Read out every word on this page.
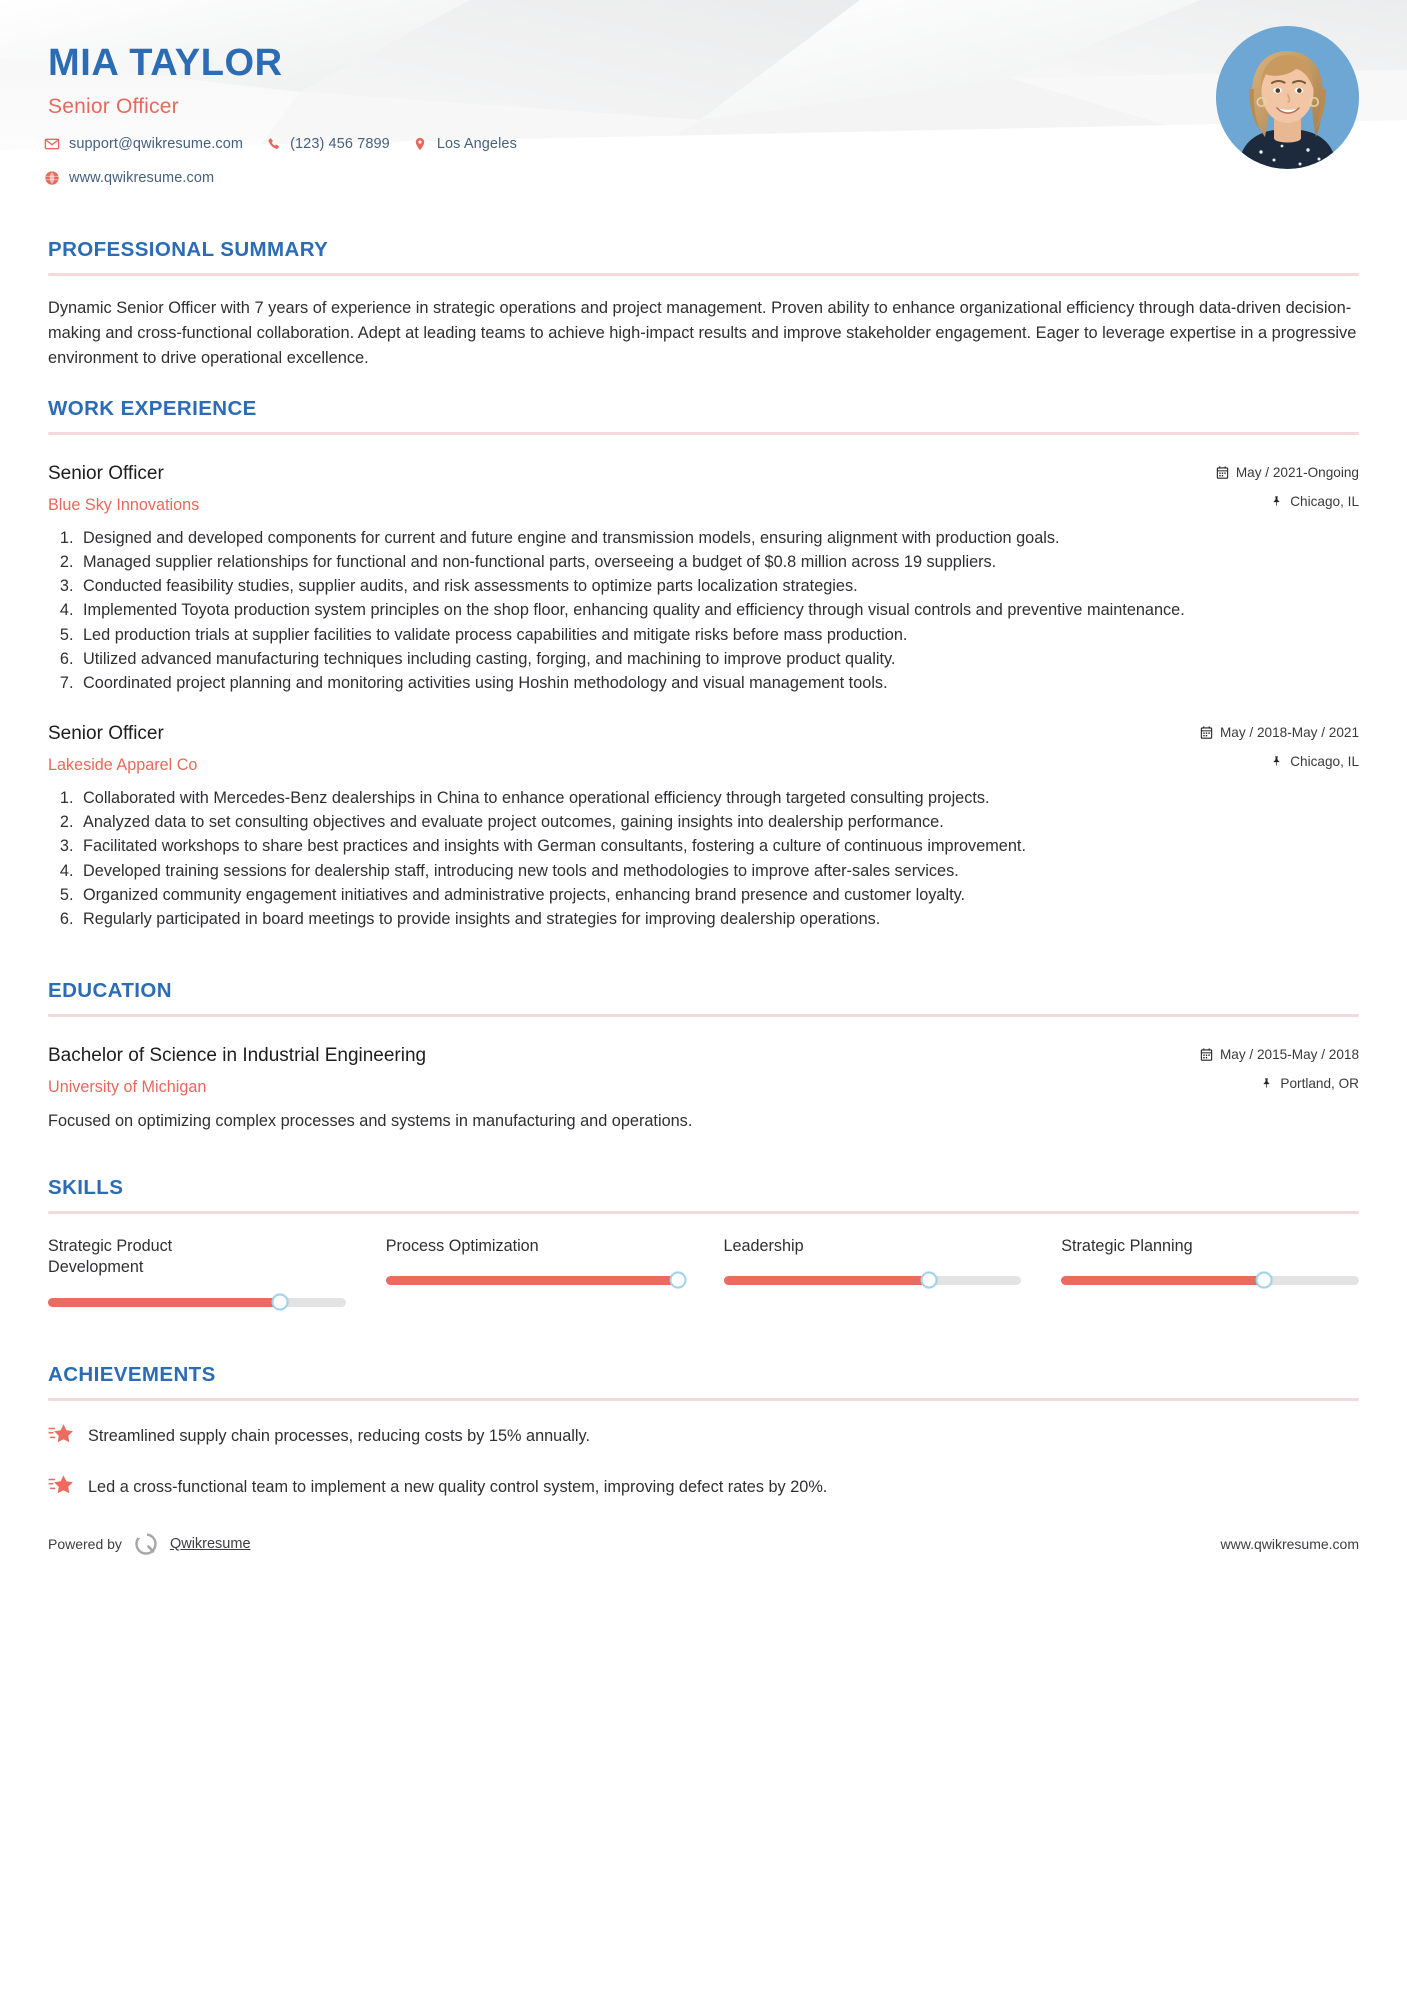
MIA TAYLOR
Senior Officer
support@qwikresume.com	(123) 456 7899	Los Angeles
www.qwikresume.com
PROFESSIONAL SUMMARY
Dynamic Senior Officer with 7 years of experience in strategic operations and project management. Proven ability to enhance organizational efficiency through data-driven decision-making and cross-functional collaboration. Adept at leading teams to achieve high-impact results and improve stakeholder engagement. Eager to leverage expertise in a progressive environment to drive operational excellence.
WORK EXPERIENCE
Senior Officer
Blue Sky Innovations
May / 2021-Ongoing
Chicago, IL
1. Designed and developed components for current and future engine and transmission models, ensuring alignment with production goals.
2. Managed supplier relationships for functional and non-functional parts, overseeing a budget of $0.8 million across 19 suppliers.
3. Conducted feasibility studies, supplier audits, and risk assessments to optimize parts localization strategies.
4. Implemented Toyota production system principles on the shop floor, enhancing quality and efficiency through visual controls and preventive maintenance.
5. Led production trials at supplier facilities to validate process capabilities and mitigate risks before mass production.
6. Utilized advanced manufacturing techniques including casting, forging, and machining to improve product quality.
7. Coordinated project planning and monitoring activities using Hoshin methodology and visual management tools.
Senior Officer
Lakeside Apparel Co
May / 2018-May / 2021
Chicago, IL
1. Collaborated with Mercedes-Benz dealerships in China to enhance operational efficiency through targeted consulting projects.
2. Analyzed data to set consulting objectives and evaluate project outcomes, gaining insights into dealership performance.
3. Facilitated workshops to share best practices and insights with German consultants, fostering a culture of continuous improvement.
4. Developed training sessions for dealership staff, introducing new tools and methodologies to improve after-sales services.
5. Organized community engagement initiatives and administrative projects, enhancing brand presence and customer loyalty.
6. Regularly participated in board meetings to provide insights and strategies for improving dealership operations.
EDUCATION
Bachelor of Science in Industrial Engineering
University of Michigan
May / 2015-May / 2018
Portland, OR
Focused on optimizing complex processes and systems in manufacturing and operations.
SKILLS
Strategic Product Development
Process Optimization	Leadership	Strategic Planning
ACHIEVEMENTS
Streamlined supply chain processes, reducing costs by 15% annually.
Led a cross-functional team to implement a new quality control system, improving defect rates by 20%.
Powered by	Qwikresume	www.qwikresume.com
